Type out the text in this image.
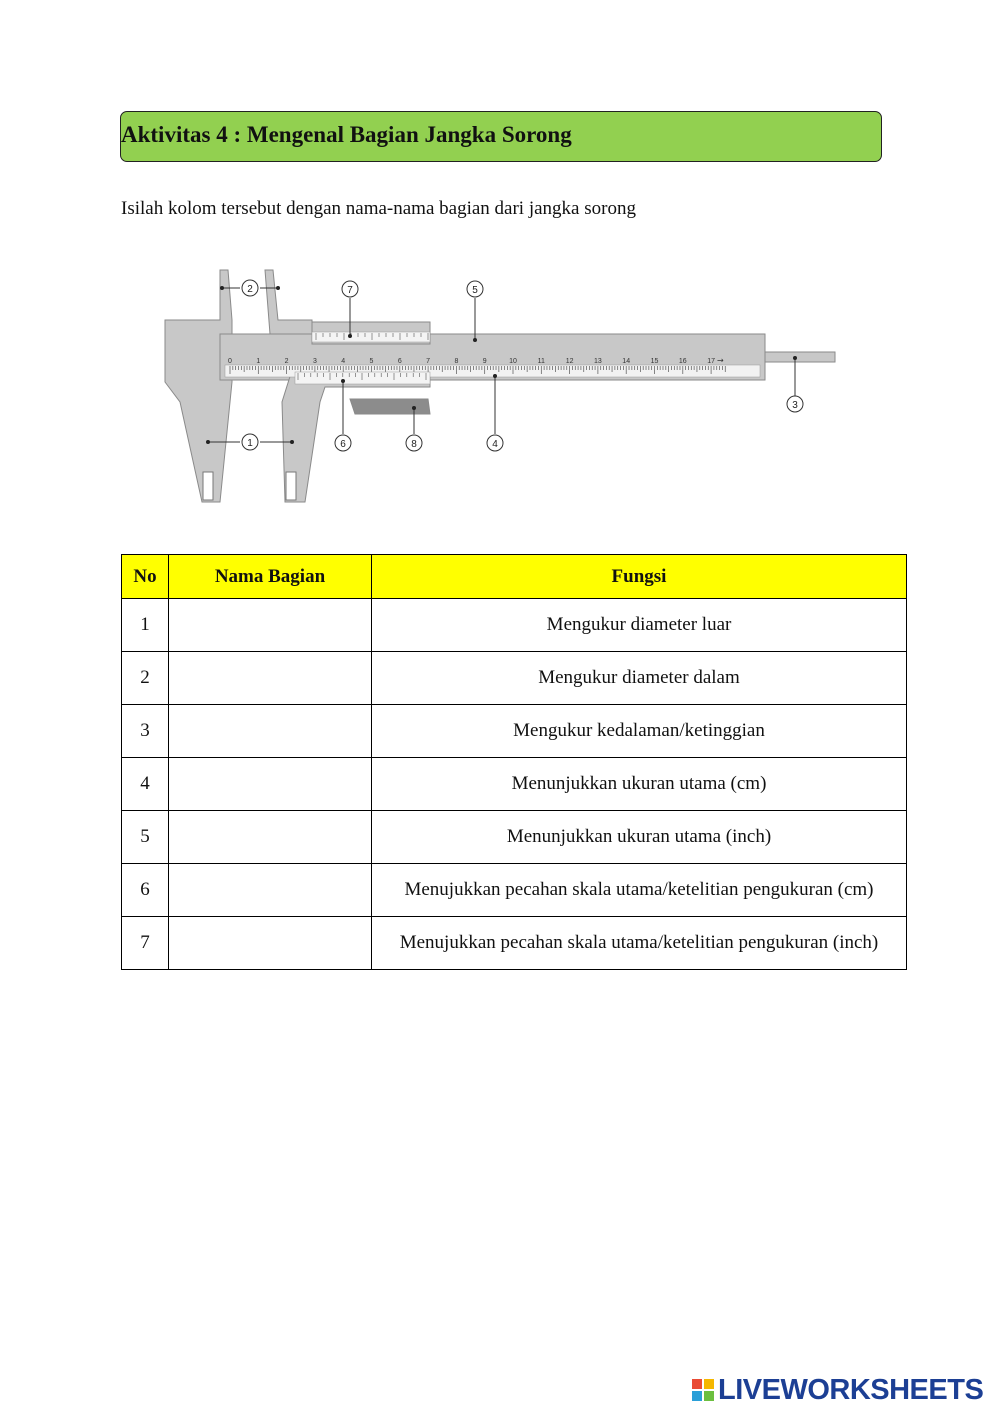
Aktivitas 4 : Mengenal Bagian Jangka Sorong
Isilah kolom tersebut dengan nama-nama bagian dari jangka sorong
0	1	2	3	4	5	6	7	8	9	10	11	12	13	14	15	16	17 →
1
2
3
4
5
6
7
8
No	Nama Bagian	Fungsi
1		Mengukur diameter luar
2		Mengukur diameter dalam
3		Mengukur kedalaman/ketinggian
4		Menunjukkan ukuran utama (cm)
5		Menunjukkan ukuran utama (inch)
6		Menujukkan pecahan skala utama/ketelitian pengukuran (cm)
7		Menujukkan pecahan skala utama/ketelitian pengukuran (inch)
LIVEWORKSHEETS
